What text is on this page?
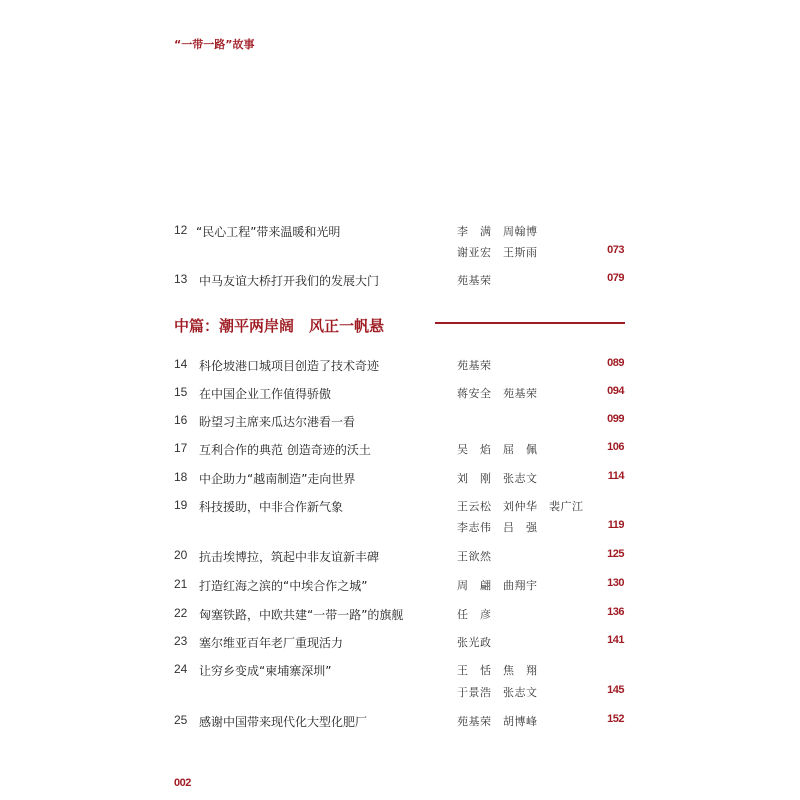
“一带一路”故事
12 “民心工程”带来温暖和光明	李　满　周翰博
谢亚宏　王斯雨	073
13 中马友谊大桥打开我们的发展大门	苑基荣	079
中篇：潮平两岸阔　风正一帆悬
14 科伦坡港口城项目创造了技术奇迹	苑基荣	089
15 在中国企业工作值得骄傲	蒋安全　苑基荣	094
16 盼望习主席来瓜达尔港看一看	099
17 互利合作的典范 创造奇迹的沃土	吴　焰　屈　佩	106
18 中企助力“越南制造”走向世界	刘　刚　张志文	114
19 科技援助，中非合作新气象	王云松　刘仲华　裴广江
李志伟　吕　强	119
20 抗击埃博拉，筑起中非友谊新丰碑	王欲然	125
21 打造红海之滨的“中埃合作之城”	周　翩　曲翔宇	130
22 匈塞铁路，中欧共建“一带一路”的旗舰	任　彦	136
23 塞尔维亚百年老厂重现活力	张光政	141
24 让穷乡变成“柬埔寨深圳”	王　恬　焦　翔
于景浩　张志文	145
25 感谢中国带来现代化大型化肥厂	苑基荣　胡博峰	152
002
